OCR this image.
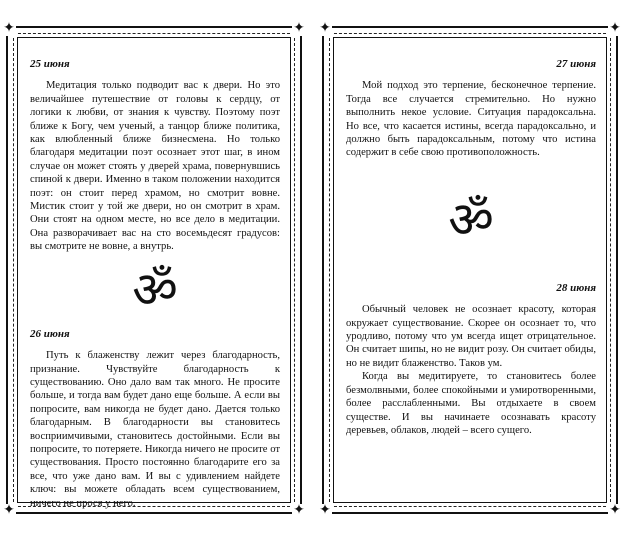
✦	✦
✦	✦
25 июня

Медитация только подводит вас к двери. Но это величайшее путешествие от головы к сердцу, от логики к любви, от знания к чувству. Поэтому поэт ближе к Богу, чем ученый, а танцор ближе политика, как влюбленный ближе бизнесмена. Но только благодаря медитации поэт осознает этот шаг, в ином случае он может стоять у дверей храма, повернувшись спиной к двери. Именно в таком положении находится поэт: он стоит перед храмом, но смотрит вовне. Мистик стоит у той же двери, но он смотрит в храм. Они стоят на одном месте, но все дело в медитации. Она разворачивает вас на сто восемьдесят градусов: вы смотрите не вовне, а внутрь.

ॐ
26 июня

Путь к блаженству лежит через благодарность, признание. Чувствуйте благодарность к существованию. Оно дало вам так много. Не просите больше, и тогда вам будет дано еще больше. А если вы попросите, вам никогда не будет дано. Дается только благодарным. В благодарности вы становитесь восприимчивыми, становитесь достойными. Если вы попросите, то потеряете. Никогда ничего не просите от существования. Просто постоянно благодарите его за все, что уже дано вам. И вы с удивлением найдете ключ: вы можете обладать всем существованием, ничего не прося у него.

✦	✦
✦	✦
27 июня

Мой подход это терпение, бесконечное терпение. Тогда все случается стремительно. Но нужно выполнить некое условие. Ситуация парадоксальна. Но все, что касается истины, всегда парадоксально, и должно быть парадоксальным, потому что истина содержит в себе свою противоположность.

ॐ
28 июня

Обычный человек не осознает красоту, которая окружает существование. Скорее он осознает то, что уродливо, потому что ум всегда ищет отрицательное. Он считает шипы, но не видит розу. Он считает обиды, но не видит блаженство. Таков ум.

Когда вы медитируете, то становитесь более безмолвными, более спокойными и умиротворенными, более расслабленными. Вы отдыхаете в своем существе. И вы начинаете осознавать красоту деревьев, облаков, людей – всего сущего.
